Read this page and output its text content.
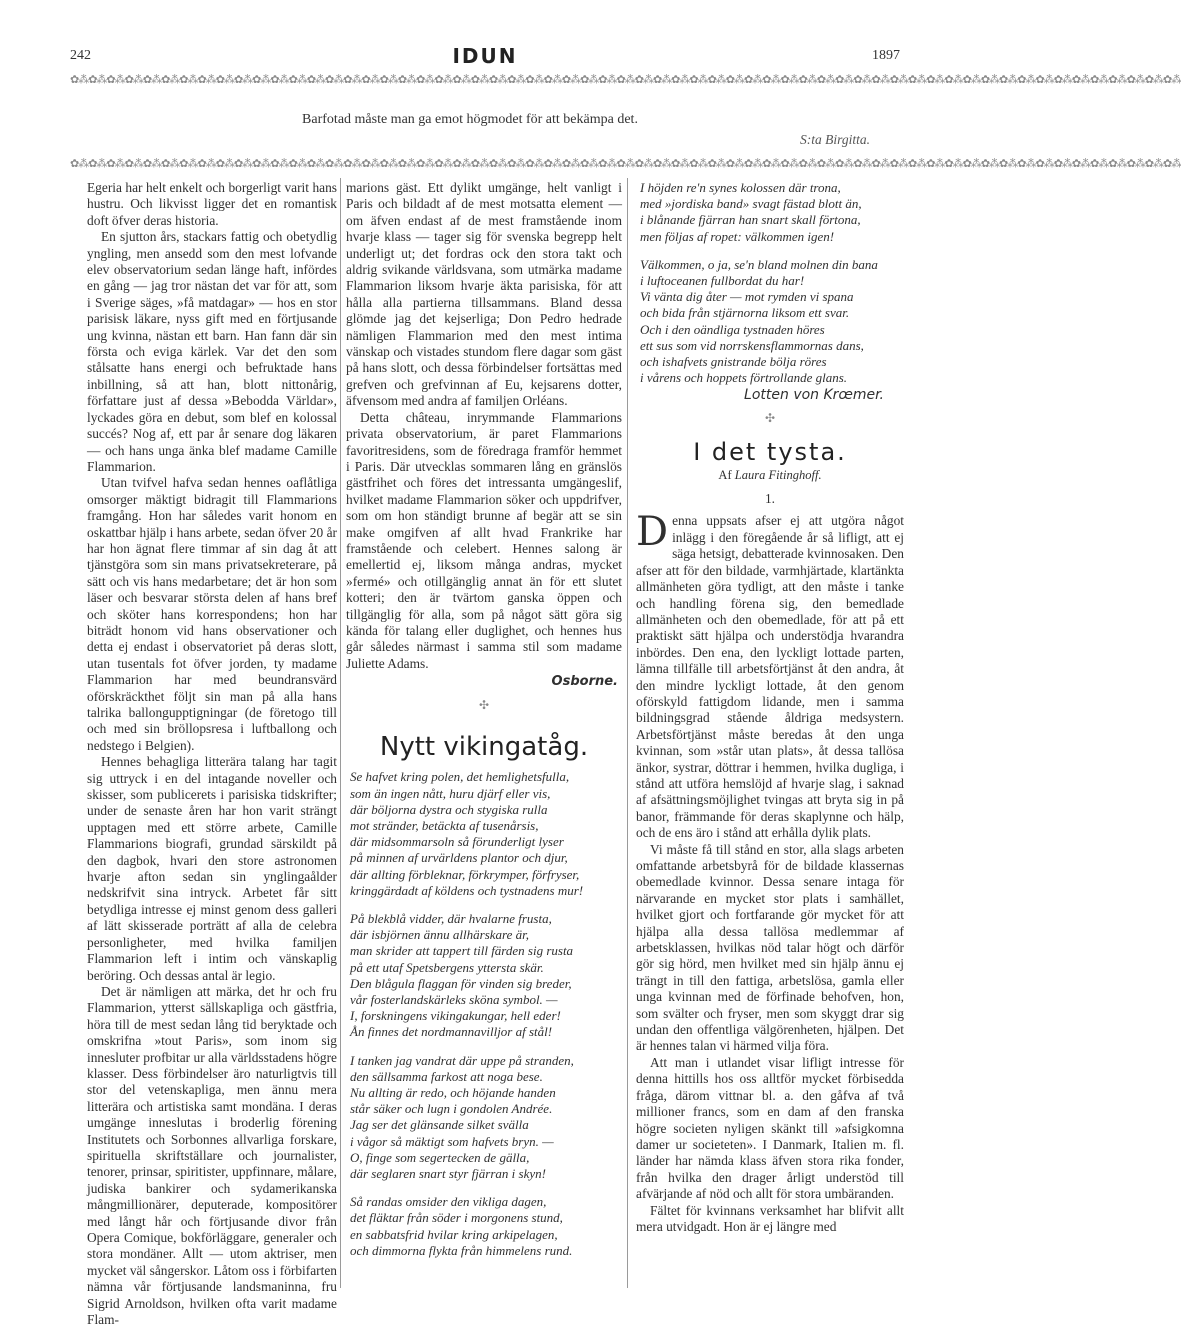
242	IDUN	1897
✿⁂✿⁂✿⁂✿⁂✿⁂✿⁂✿⁂✿⁂✿⁂✿⁂✿⁂✿⁂✿⁂✿⁂✿⁂✿⁂✿⁂✿⁂✿⁂✿⁂✿⁂✿⁂✿⁂✿⁂✿⁂✿⁂✿⁂✿⁂✿⁂✿⁂✿⁂✿⁂✿⁂✿⁂✿⁂✿⁂✿⁂✿⁂✿⁂✿⁂✿⁂✿⁂✿⁂✿⁂✿⁂✿⁂✿⁂✿⁂✿⁂✿⁂✿⁂✿⁂✿⁂✿⁂✿⁂✿⁂✿⁂✿⁂✿⁂✿⁂✿⁂
Barfotad måste man ga emot högmodet för att bekämpa det.
S:ta Birgitta.
✿⁂✿⁂✿⁂✿⁂✿⁂✿⁂✿⁂✿⁂✿⁂✿⁂✿⁂✿⁂✿⁂✿⁂✿⁂✿⁂✿⁂✿⁂✿⁂✿⁂✿⁂✿⁂✿⁂✿⁂✿⁂✿⁂✿⁂✿⁂✿⁂✿⁂✿⁂✿⁂✿⁂✿⁂✿⁂✿⁂✿⁂✿⁂✿⁂✿⁂✿⁂✿⁂✿⁂✿⁂✿⁂✿⁂✿⁂✿⁂✿⁂✿⁂✿⁂✿⁂✿⁂✿⁂✿⁂✿⁂✿⁂✿⁂✿⁂✿⁂✿⁂

Egeria har helt enkelt och borgerligt varit hans hustru. Och likvisst ligger det en romantisk doft öfver deras historia.

En sjutton års, stackars fattig och obetydlig yngling, men ansedd som den mest lofvande elev observatorium sedan länge haft, infördes en gång — jag tror nästan det var för att, som i Sverige säges, »få matdagar» — hos en stor parisisk läkare, nyss gift med en förtjusande ung kvinna, nästan ett barn. Han fann där sin första och eviga kärlek. Var det den som stålsatte hans energi och befruktade hans inbillning, så att han, blott nittonårig, författare just af dessa »Bebodda Världar», lyckades göra en debut, som blef en kolossal succés? Nog af, ett par år senare dog läkaren — och hans unga änka blef madame Camille Flammarion.

Utan tvifvel hafva sedan hennes oaflåtliga omsorger mäktigt bidragit till Flammarions framgång. Hon har således varit honom en oskattbar hjälp i hans arbete, sedan öfver 20 år har hon ägnat flere timmar af sin dag åt att tjänstgöra som sin mans privatsekreterare, på sätt och vis hans medarbetare; det är hon som läser och besvarar största delen af hans bref och sköter hans korrespondens; hon har biträdt honom vid hans observationer och detta ej endast i observatoriet på deras slott, utan tusentals fot öfver jorden, ty madame Flammarion har med beundransvärd oförskräckthet följt sin man på alla hans talrika ballongupptigningar (de företogo till och med sin bröllopsresa i luftballong och nedstego i Belgien).

Hennes behagliga litterära talang har tagit sig uttryck i en del intagande noveller och skisser, som publicerets i parisiska tidskrifter; under de senaste åren har hon varit strängt upptagen med ett större arbete, Camille Flammarions biografi, grundad särskildt på den dagbok, hvari den store astronomen hvarje afton sedan sin ynglingaålder nedskrifvit sina intryck. Arbetet får sitt betydliga intresse ej minst genom dess galleri af lätt skisserade porträtt af alla de celebra personligheter, med hvilka familjen Flammarion left i intim och vänskaplig beröring. Och dessas antal är legio.

Det är nämligen att märka, det hr och fru Flammarion, ytterst sällskapliga och gästfria, höra till de mest sedan lång tid beryktade och omskrifna »tout Paris», som inom sig innesluter profbitar ur alla världsstadens högre klasser. Dess förbindelser äro naturligtvis till stor del vetenskapliga, men ännu mera litterära och artistiska samt mondäna. I deras umgänge inneslutas i broderlig förening Institutets och Sorbonnes allvarliga forskare, spirituella skriftställare och journalister, tenorer, prinsar, spiritister, uppfinnare, målare, judiska bankirer och sydamerikanska mångmillionärer, deputerade, kompositörer med långt hår och förtjusande divor från Opera Comique, bokförläggare, generaler och stora mondäner. Allt — utom aktriser, men mycket väl sångerskor. Låtom oss i förbifarten nämna vår förtjusande landsmaninna, fru Sigrid Arnoldson, hvilken ofta varit madame Flam-

marions gäst. Ett dylikt umgänge, helt vanligt i Paris och bildadt af de mest motsatta element — om äfven endast af de mest framstående inom hvarje klass — tager sig för svenska begrepp helt underligt ut; det fordras ock den stora takt och aldrig svikande världsvana, som utmärka madame Flammarion liksom hvarje äkta parisiska, för att hålla alla partierna tillsammans. Bland dessa glömde jag det kejserliga; Don Pedro hedrade nämligen Flammarion med den mest intima vänskap och vistades stundom flere dagar som gäst på hans slott, och dessa förbindelser fortsättas med grefven och grefvinnan af Eu, kejsarens dotter, äfvensom med andra af familjen Orléans.

Detta château, inrymmande Flammarions privata observatorium, är paret Flammarions favoritresidens, som de föredraga framför hemmet i Paris. Där utvecklas sommaren lång en gränslös gästfrihet och föres det intressanta umgängeslif, hvilket madame Flammarion söker och uppdrifver, som om hon ständigt brunne af begär att se sin make omgifven af allt hvad Frankrike har framstående och celebert. Hennes salong är emellertid ej, liksom många andras, mycket »fermé» och otillgänglig annat än för ett slutet kotteri; den är tvärtom ganska öppen och tillgänglig för alla, som på något sätt göra sig kända för talang eller duglighet, och hennes hus går således närmast i samma stil som madame Juliette Adams.

Osborne.
✣
Nytt vikingatåg.
Se hafvet kring polen, det hemlighetsfulla,
som än ingen nått, huru djärf eller vis,
där böljorna dystra och stygiska rulla
mot stränder, betäckta af tusenårsis,
där midsommarsoln så förunderligt lyser
på minnen af urvärldens plantor och djur,
där allting förbleknar, förkrymper, förfryser,
kringgärdadt af köldens och tystnadens mur!
På blekblå vidder, där hvalarne frusta,
där isbjörnen ännu allhärskare är,
man skrider att tappert till färden sig rusta
på ett utaf Spetsbergens yttersta skär.
Den blågula flaggan för vinden sig breder,
vår fosterlandskärleks sköna symbol. —
I, forskningens vikingakungar, hell eder!
Ån finnes det nordmannavilljor af stål!
I tanken jag vandrat där uppe på stranden,
den sällsamma farkost att noga bese.
Nu allting är redo, och höjande handen
står säker och lugn i gondolen Andrée.
Jag ser det glänsande silket svälla
i vågor så mäktigt som hafvets bryn. —
O, finge som segertecken de gälla,
där seglaren snart styr fjärran i skyn!
Så randas omsider den vikliga dagen,
det fläktar från söder i morgonens stund,
en sabbatsfrid hvilar kring arkipelagen,
och dimmorna flykta från himmelens rund.
I höjden re'n synes kolossen där trona,
med »jordiska band» svagt fästad blott än,
i blånande fjärran han snart skall förtona,
men följas af ropet: välkommen igen!
Välkommen, o ja, se'n bland molnen din bana
i luftoceanen fullbordat du har!
Vi vänta dig åter — mot rymden vi spana
och bida från stjärnorna liksom ett svar.
Och i den oändliga tystnaden höres
ett sus som vid norrskensflammornas dans,
och ishafvets gnistrande bölja röres
i vårens och hoppets förtrollande glans.
Lotten von Krœmer.
✣
I det tysta.
Af Laura Fitinghoff.
1.

Denna uppsats afser ej att utgöra något inlägg i den föregående år så lifligt, att ej säga hetsigt, debatterade kvinnosaken. Den afser att för den bildade, varmhjärtade, klartänkta allmänheten göra tydligt, att den måste i tanke och handling förena sig, den bemedlade allmänheten och den obemedlade, för att på ett praktiskt sätt hjälpa och understödja hvarandra inbördes. Den ena, den lyckligt lottade parten, lämna tillfälle till arbetsförtjänst åt den andra, åt den mindre lyckligt lottade, åt den genom oförskyld fattigdom lidande, men i samma bildningsgrad stående åldriga medsystern. Arbetsförtjänst måste beredas åt den unga kvinnan, som »står utan plats», åt dessa tallösa änkor, systrar, döttrar i hemmen, hvilka dugliga, i stånd att utföra hemslöjd af hvarje slag, i saknad af afsättningsmöjlighet tvingas att bryta sig in på banor, främmande för deras skaplynne och hälp, och de ens äro i stånd att erhålla dylik plats.

Vi måste få till stånd en stor, alla slags arbeten omfattande arbetsbyrå för de bildade klassernas obemedlade kvinnor. Dessa senare intaga för närvarande en mycket stor plats i samhället, hvilket gjort och fortfarande gör mycket för att hjälpa alla dessa tallösa medlemmar af arbetsklassen, hvilkas nöd talar högt och därför gör sig hörd, men hvilket med sin hjälp ännu ej trängt in till den fattiga, arbetslösa, gamla eller unga kvinnan med de förfinade behofven, hon, som svälter och fryser, men som skyggt drar sig undan den offentliga välgörenheten, hjälpen. Det är hennes talan vi härmed vilja föra.

Att man i utlandet visar lifligt intresse för denna hittills hos oss alltför mycket förbisedda fråga, därom vittnar bl. a. den gåfva af två millioner francs, som en dam af den franska högre societen nyligen skänkt till »afsigkomna damer ur societeten». I Danmark, Italien m. fl. länder har nämda klass äfven stora rika fonder, från hvilka den drager årligt understöd till afvärjande af nöd och allt för stora umbäranden.

Fältet för kvinnans verksamhet har blifvit allt mera utvidgadt. Hon är ej längre med
